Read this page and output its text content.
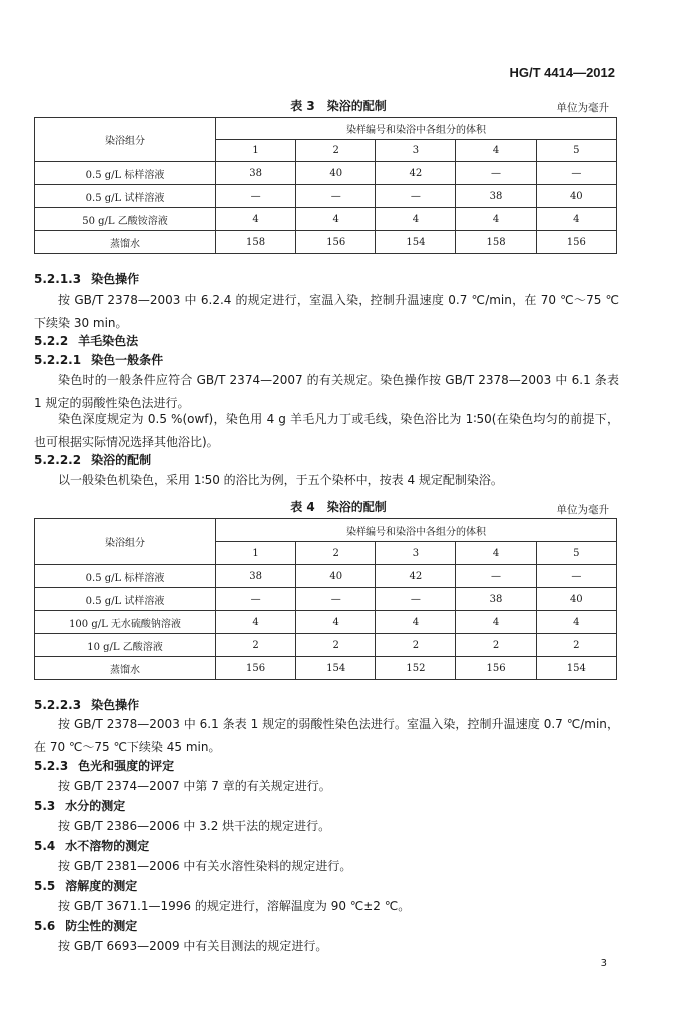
HG/T 4414—2012
表 3　染浴的配制	单位为毫升
染浴组分	染样编号和染浴中各组分的体积				
	1	2	3	4	5
0.5 g/L 标样溶液	38	40	42	—	—
0.5 g/L 试样溶液	—	—	—	38	40
50 g/L 乙酸铵溶液	4	4	4	4	4
蒸馏水	158	156	154	158	156
5.2.1.3 染色操作
按 GB/T 2378—2003 中 6.2.4 的规定进行，室温入染，控制升温速度 0.7 ℃/min，在 70 ℃～75 ℃下续染 30 min。
5.2.2 羊毛染色法
5.2.2.1 染色一般条件
染色时的一般条件应符合 GB/T 2374—2007 的有关规定。染色操作按 GB/T 2378—2003 中 6.1 条表 1 规定的弱酸性染色法进行。
染色深度规定为 0.5 %(owf)，染色用 4 g 羊毛凡力丁或毛线，染色浴比为 1∶50(在染色均匀的前提下，也可根据实际情况选择其他浴比)。
5.2.2.2 染浴的配制
以一般染色机染色，采用 1∶50 的浴比为例，于五个染杯中，按表 4 规定配制染浴。
表 4　染浴的配制	单位为毫升
染浴组分	染样编号和染浴中各组分的体积				
	1	2	3	4	5
0.5 g/L 标样溶液	38	40	42	—	—
0.5 g/L 试样溶液	—	—	—	38	40
100 g/L 无水硫酸钠溶液	4	4	4	4	4
10 g/L 乙酸溶液	2	2	2	2	2
蒸馏水	156	154	152	156	154
5.2.2.3 染色操作
按 GB/T 2378—2003 中 6.1 条表 1 规定的弱酸性染色法进行。室温入染，控制升温速度 0.7 ℃/min，在 70 ℃～75 ℃下续染 45 min。
5.2.3 色光和强度的评定
按 GB/T 2374—2007 中第 7 章的有关规定进行。
5.3 水分的测定
按 GB/T 2386—2006 中 3.2 烘干法的规定进行。
5.4 水不溶物的测定
按 GB/T 2381—2006 中有关水溶性染料的规定进行。
5.5 溶解度的测定
按 GB/T 3671.1—1996 的规定进行，溶解温度为 90 ℃±2 ℃。
5.6 防尘性的测定
按 GB/T 6693—2009 中有关目测法的规定进行。
3
